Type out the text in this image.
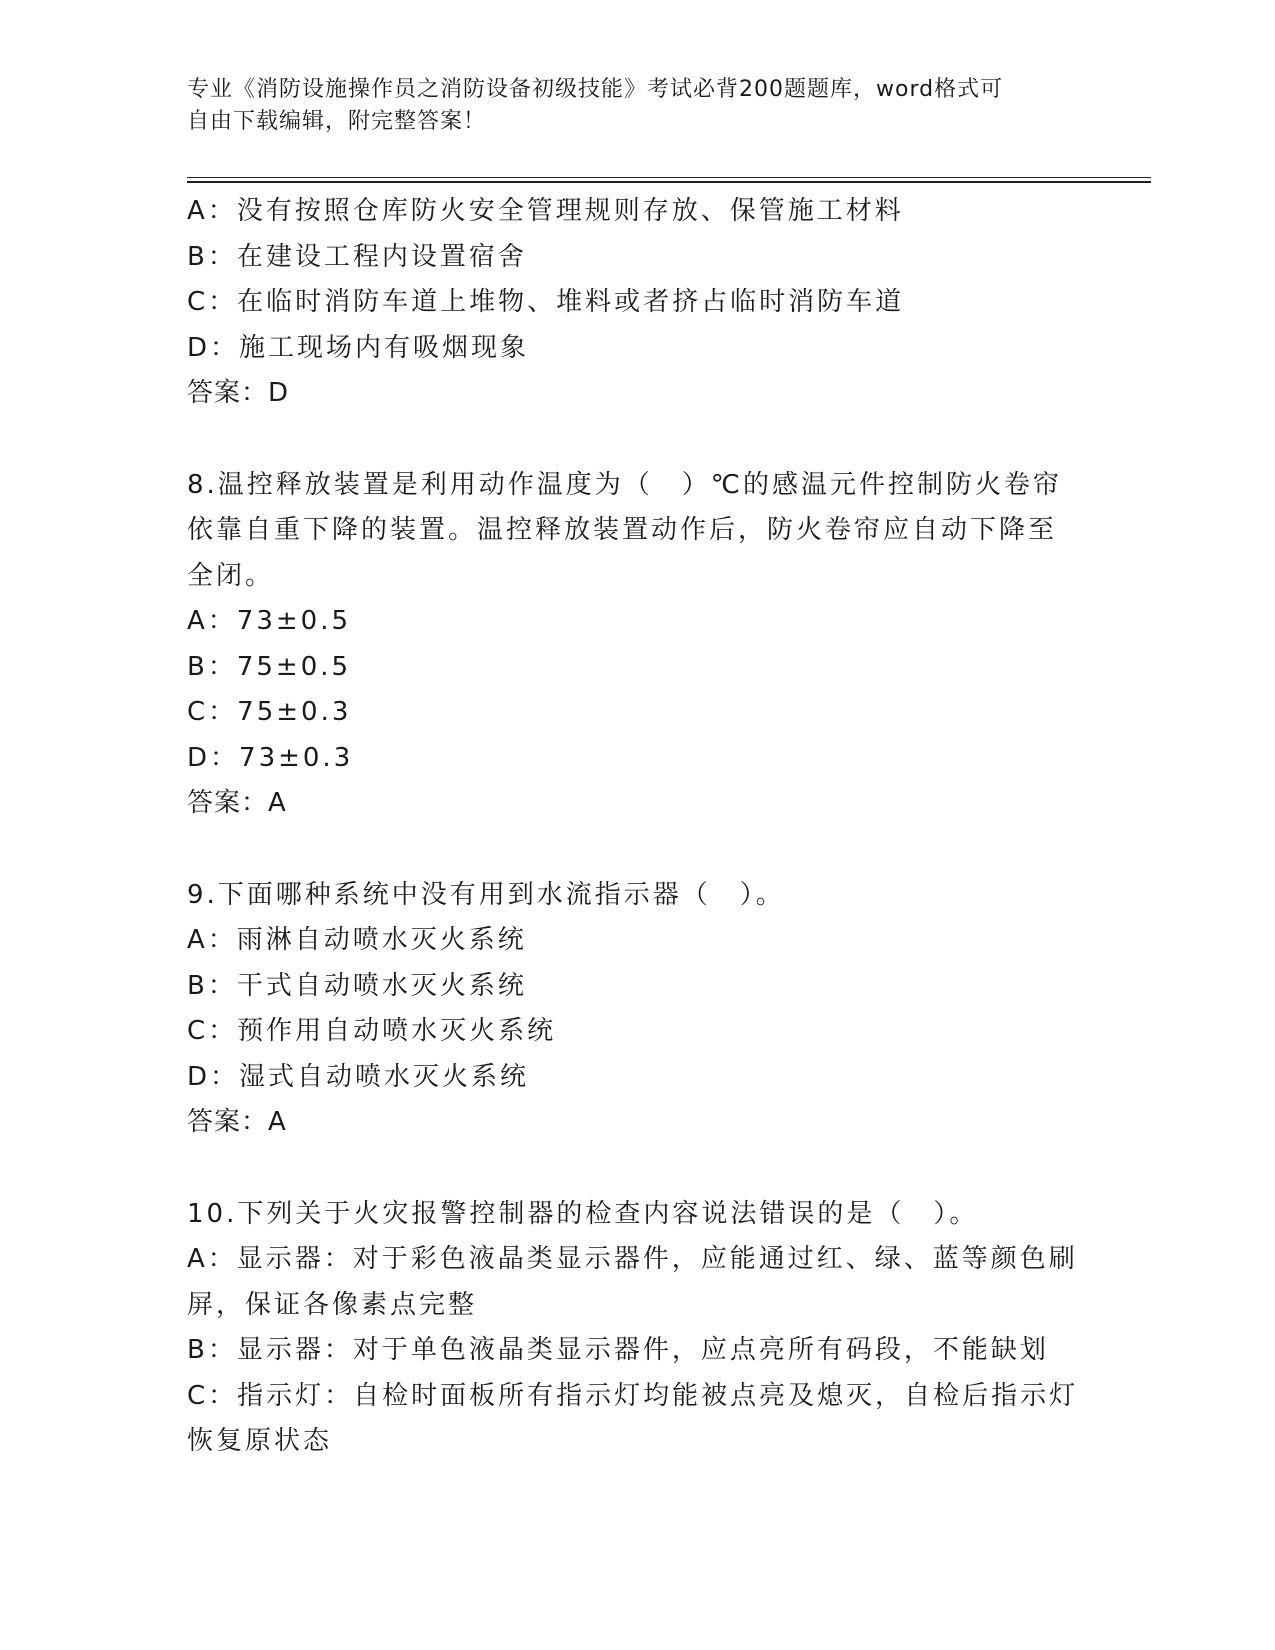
专业《消防设施操作员之消防设备初级技能》考试必背200题题库，word格式可
自由下载编辑，附完整答案！
A：没有按照仓库防火安全管理规则存放、保管施工材料
B：在建设工程内设置宿舍
C：在临时消防车道上堆物、堆料或者挤占临时消防车道
D：施工现场内有吸烟现象
答案：D
8.温控释放装置是利用动作温度为（　）℃的感温元件控制防火卷帘
依靠自重下降的装置。温控释放装置动作后，防火卷帘应自动下降至
全闭。
A：73±0.5
B：75±0.5
C：75±0.3
D：73±0.3
答案：A
9.下面哪种系统中没有用到水流指示器（　）。
A：雨淋自动喷水灭火系统
B：干式自动喷水灭火系统
C：预作用自动喷水灭火系统
D：湿式自动喷水灭火系统
答案：A
10.下列关于火灾报警控制器的检查内容说法错误的是（　）。
A：显示器：对于彩色液晶类显示器件，应能通过红、绿、蓝等颜色刷
屏，保证各像素点完整
B：显示器：对于单色液晶类显示器件，应点亮所有码段，不能缺划
C：指示灯：自检时面板所有指示灯均能被点亮及熄灭，自检后指示灯
恢复原状态
